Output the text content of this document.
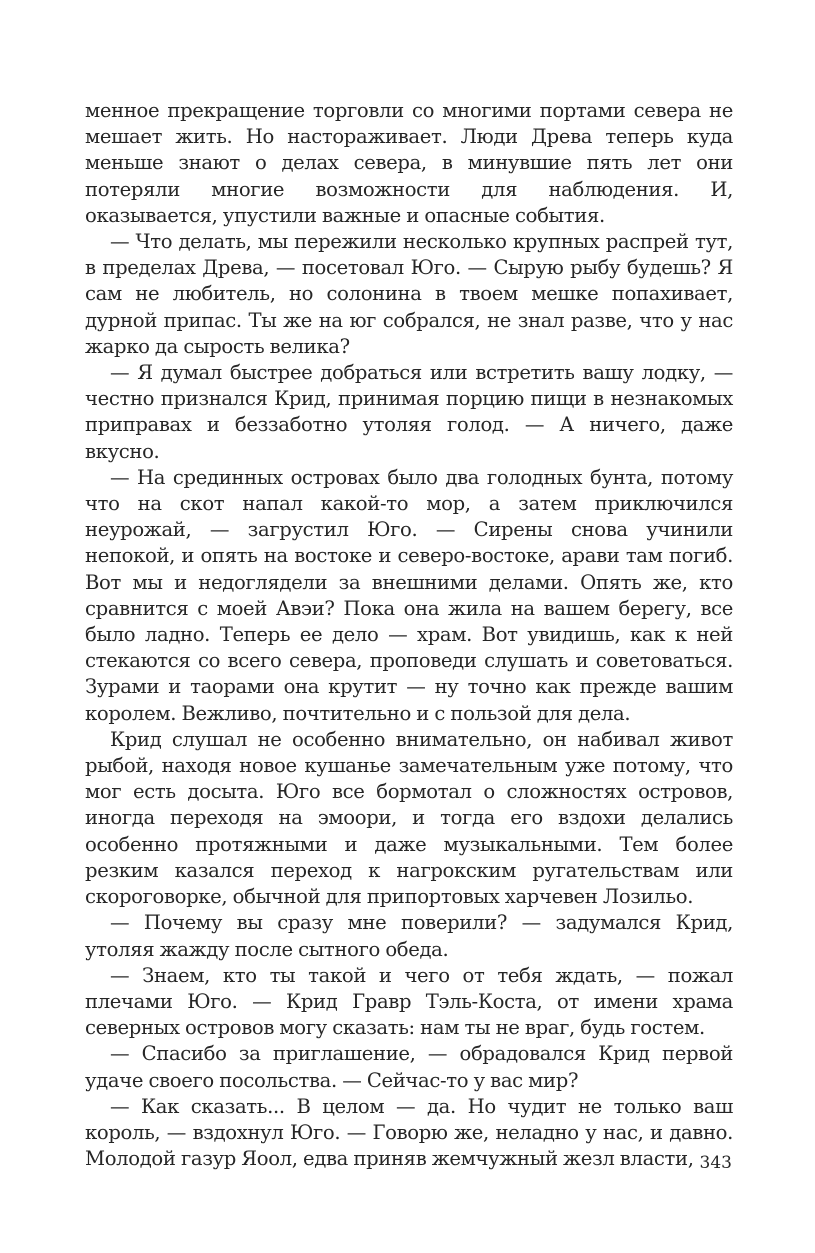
менное прекращение торговли со многими портами севера не мешает жить. Но настораживает. Люди Древа теперь куда меньше знают о делах севера, в минувшие пять лет они потеряли многие возможности для наблюдения. И, оказывается, упустили важные и опасные события.

— Что делать, мы пережили несколько крупных распрей тут, в пределах Древа, — посетовал Юго. — Сырую рыбу будешь? Я сам не любитель, но солонина в твоем мешке попахивает, дурной припас. Ты же на юг собрался, не знал разве, что у нас жарко да сырость велика?

— Я думал быстрее добраться или встретить вашу лодку, — честно признался Крид, принимая порцию пищи в незнакомых приправах и беззаботно утоляя голод. — А ничего, даже вкусно.

— На срединных островах было два голодных бунта, потому что на скот напал какой-то мор, а затем приключился неурожай, — загрустил Юго. — Сирены снова учинили непокой, и опять на востоке и северо-востоке, арави там погиб. Вот мы и недоглядели за внешними делами. Опять же, кто сравнится с моей Авэи? Пока она жила на вашем берегу, все было ладно. Теперь ее дело — храм. Вот увидишь, как к ней стекаются со всего севера, проповеди слушать и советоваться. Зурами и таорами она крутит — ну точно как прежде вашим королем. Вежливо, почтительно и с пользой для дела.

Крид слушал не особенно внимательно, он набивал живот рыбой, находя новое кушанье замечательным уже потому, что мог есть досыта. Юго все бормотал о сложностях островов, иногда переходя на эмоори, и тогда его вздохи делались особенно протяжными и даже музыкальными. Тем более резким казался переход к нагрокским ругательствам или скороговорке, обычной для припортовых харчевен Лозильо.

— Почему вы сразу мне поверили? — задумался Крид, утоляя жажду после сытного обеда.

— Знаем, кто ты такой и чего от тебя ждать, — пожал плечами Юго. — Крид Гравр Тэль-Коста, от имени храма северных островов могу сказать: нам ты не враг, будь гостем.

— Спасибо за приглашение, — обрадовался Крид первой удаче своего посольства. — Сейчас-то у вас мир?

— Как сказать... В целом — да. Но чудит не только ваш король, — вздохнул Юго. — Говорю же, неладно у нас, и давно. Молодой газур Яоол, едва приняв жемчужный жезл власти, 343
